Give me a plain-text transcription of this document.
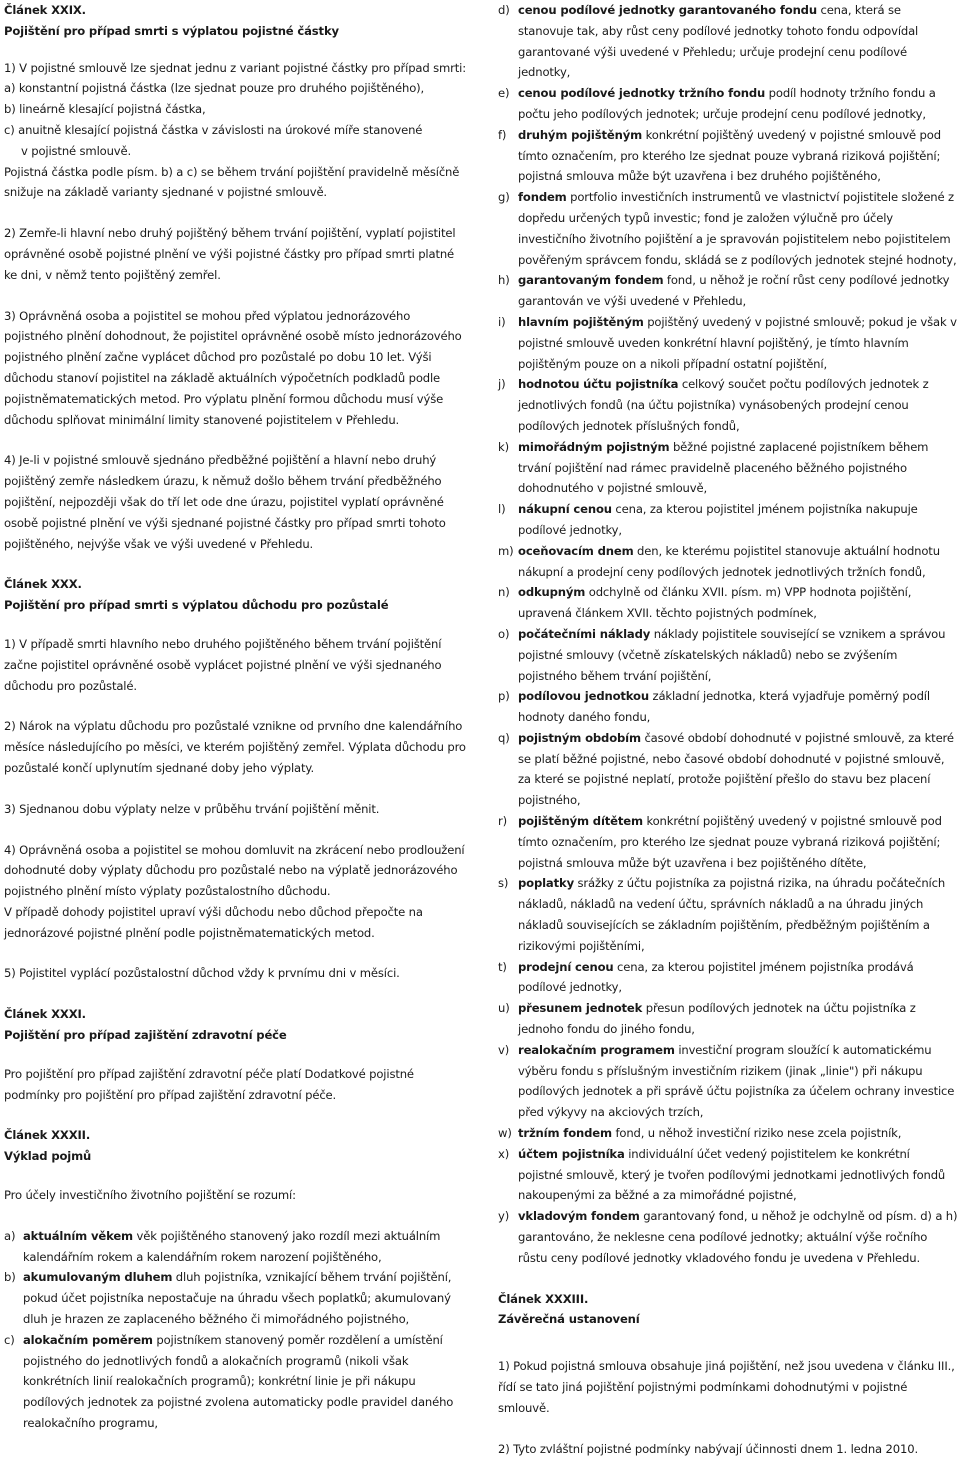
Článek XXIX.

Pojištění pro případ smrti s výplatou pojistné částky

1) V pojistné smlouvě lze sjednat jednu z variant pojistné částky pro případ smrti:

a) konstantní pojistná částka (lze sjednat pouze pro druhého pojištěného),

b) lineárně klesající pojistná částka,

c) anuitně klesající pojistná částka v závislosti na úrokové míře stanovené

v pojistné smlouvě.

Pojistná částka podle písm. b) a c) se během trvání pojištění pravidelně měsíčně snižuje na základě varianty sjednané v pojistné smlouvě.

2) Zemře-li hlavní nebo druhý pojištěný během trvání pojištění, vyplatí pojistitel oprávněné osobě pojistné plnění ve výši pojistné částky pro případ smrti platné ke dni, v němž tento pojištěný zemřel.

3) Oprávněná osoba a pojistitel se mohou před výplatou jednorázového pojistného plnění dohodnout, že pojistitel oprávněné osobě místo jednorázového pojistného plnění začne vyplácet důchod pro pozůstalé po dobu 10 let. Výši důchodu stanoví pojistitel na základě aktuálních výpočetních podkladů podle pojistněmatematických metod. Pro výplatu plnění formou důchodu musí výše důchodu splňovat minimální limity stanovené pojistitelem v Přehledu.

4) Je-li v pojistné smlouvě sjednáno předběžné pojištění a hlavní nebo druhý pojištěný zemře následkem úrazu, k němuž došlo během trvání předběžného pojištění, nejpozději však do tří let ode dne úrazu, pojistitel vyplatí oprávněné osobě pojistné plnění ve výši sjednané pojistné částky pro případ smrti tohoto pojištěného, nejvýše však ve výši uvedené v Přehledu.

Článek XXX.

Pojištění pro případ smrti s výplatou důchodu pro pozůstalé

1) V případě smrti hlavního nebo druhého pojištěného během trvání pojištění začne pojistitel oprávněné osobě vyplácet pojistné plnění ve výši sjednaného důchodu pro pozůstalé.

2) Nárok na výplatu důchodu pro pozůstalé vznikne od prvního dne kalendářního měsíce následujícího po měsíci, ve kterém pojištěný zemřel. Výplata důchodu pro pozůstalé končí uplynutím sjednané doby jeho výplaty.

3) Sjednanou dobu výplaty nelze v průběhu trvání pojištění měnit.

4) Oprávněná osoba a pojistitel se mohou domluvit na zkrácení nebo prodloužení dohodnuté doby výplaty důchodu pro pozůstalé nebo na výplatě jednorázového pojistného plnění místo výplaty pozůstalostního důchodu.

V případě dohody pojistitel upraví výši důchodu nebo důchod přepočte na jednorázové pojistné plnění podle pojistněmatematických metod.

5) Pojistitel vyplácí pozůstalostní důchod vždy k prvnímu dni v měsíci.

Článek XXXI.

Pojištění pro případ zajištění zdravotní péče

Pro pojištění pro případ zajištění zdravotní péče platí Dodatkové pojistné podmínky pro pojištění pro případ zajištění zdravotní péče.

Článek XXXII.

Výklad pojmů

Pro účely investičního životního pojištění se rozumí:

a) aktuálním věkem věk pojištěného stanovený jako rozdíl mezi aktuálním kalendářním rokem a kalendářním rokem narození pojištěného,
b) akumulovaným dluhem dluh pojistníka, vznikající během trvání pojištění, pokud účet pojistníka nepostačuje na úhradu všech poplatků; akumulovaný dluh je hrazen ze zaplaceného běžného či mimořádného pojistného,
c) alokačním poměrem pojistníkem stanovený poměr rozdělení a umístění pojistného do jednotlivých fondů a alokačních programů (nikoli však konkrétních linií realokačních programů); konkrétní linie je při nákupu podílových jednotek za pojistné zvolena automaticky podle pravidel daného realokačního programu,
d) cenou podílové jednotky garantovaného fondu cena, která se stanovuje tak, aby růst ceny podílové jednotky tohoto fondu odpovídal garantované výši uvedené v Přehledu; určuje prodejní cenu podílové jednotky,
e) cenou podílové jednotky tržního fondu podíl hodnoty tržního fondu a počtu jeho podílových jednotek; určuje prodejní cenu podílové jednotky,
f)	druhým pojištěným konkrétní pojištěný uvedený v pojistné smlouvě pod tímto označením, pro kterého lze sjednat pouze vybraná riziková pojištění; pojistná smlouva může být uzavřena i bez druhého pojištěného,
g) fondem portfolio investičních instrumentů ve vlastnictví pojistitele složené z dopředu určených typů investic; fond je založen výlučně pro účely investičního životního pojištění a je spravován pojistitelem nebo pojistitelem pověřeným správcem fondu, skládá se z podílových jednotek stejné hodnoty,
h) garantovaným fondem fond, u něhož je roční růst ceny podílové jednotky garantován ve výši uvedené v Přehledu,
i)	hlavním pojištěným pojištěný uvedený v pojistné smlouvě; pokud je však v pojistné smlouvě uveden konkrétní hlavní pojištěný, je tímto hlavním pojištěným pouze on a nikoli případní ostatní pojištění,
j)	hodnotou účtu pojistníka celkový součet počtu podílových jednotek z jednotlivých fondů (na účtu pojistníka) vynásobených prodejní cenou podílových jednotek příslušných fondů,
k) mimořádným pojistným běžné pojistné zaplacené pojistníkem během trvání pojištění nad rámec pravidelně placeného běžného pojistného dohodnutého v pojistné smlouvě,
l)	nákupní cenou cena, za kterou pojistitel jménem pojistníka nakupuje podílové jednotky,
m) oceňovacím dnem den, ke kterému pojistitel stanovuje aktuální hodnotu nákupní a prodejní ceny podílových jednotek jednotlivých tržních fondů,
n) odkupným odchylně od článku XVII. písm. m) VPP hodnota pojištění, upravená článkem XVII. těchto pojistných podmínek,
o) počátečními náklady náklady pojistitele související se vznikem a správou pojistné smlouvy (včetně získatelských nákladů) nebo se zvýšením pojistného během trvání pojištění,
p) podílovou jednotkou základní jednotka, která vyjadřuje poměrný podíl hodnoty daného fondu,
q) pojistným obdobím časové období dohodnuté v pojistné smlouvě, za které se platí běžné pojistné, nebo časové období dohodnuté v pojistné smlouvě, za které se pojistné neplatí, protože pojištění přešlo do stavu bez placení pojistného,
r) pojištěným dítětem konkrétní pojištěný uvedený v pojistné smlouvě pod tímto označením, pro kterého lze sjednat pouze vybraná riziková pojištění; pojistná smlouva může být uzavřena i bez pojištěného dítěte,
s) poplatky srážky z účtu pojistníka za pojistná rizika, na úhradu počátečních nákladů, nákladů na vedení účtu, správních nákladů a na úhradu jiných nákladů souvisejících se základním pojištěním, předběžným pojištěním a rizikovými pojištěními,
t) prodejní cenou cena, za kterou pojistitel jménem pojistníka prodává podílové jednotky,
u) přesunem jednotek přesun podílových jednotek na účtu pojistníka z jednoho fondu do jiného fondu,
v) realokačním programem investiční program sloužící k automatickému výběru fondu s příslušným investičním rizikem (jinak „linie") při nákupu podílových jednotek a při správě účtu pojistníka za účelem ochrany investice před výkyvy na akciových trzích,
w) tržním fondem fond, u něhož investiční riziko nese zcela pojistník,
x) účtem pojistníka individuální účet vedený pojistitelem ke konkrétní pojistné smlouvě, který je tvořen podílovými jednotkami jednotlivých fondů nakoupenými za běžné a za mimořádné pojistné,
y) vkladovým fondem garantovaný fond, u něhož je odchylně od písm. d) a h) garantováno, že neklesne cena podílové jednotky; aktuální výše ročního růstu ceny podílové jednotky vkladového fondu je uvedena v Přehledu.

Článek XXXIII.

Závěrečná ustanovení

1) Pokud pojistná smlouva obsahuje jiná pojištění, než jsou uvedena v článku III., řídí se tato jiná pojištění pojistnými podmínkami dohodnutými v pojistné smlouvě.

2) Tyto zvláštní pojistné podmínky nabývají účinnosti dnem 1. ledna 2010.
